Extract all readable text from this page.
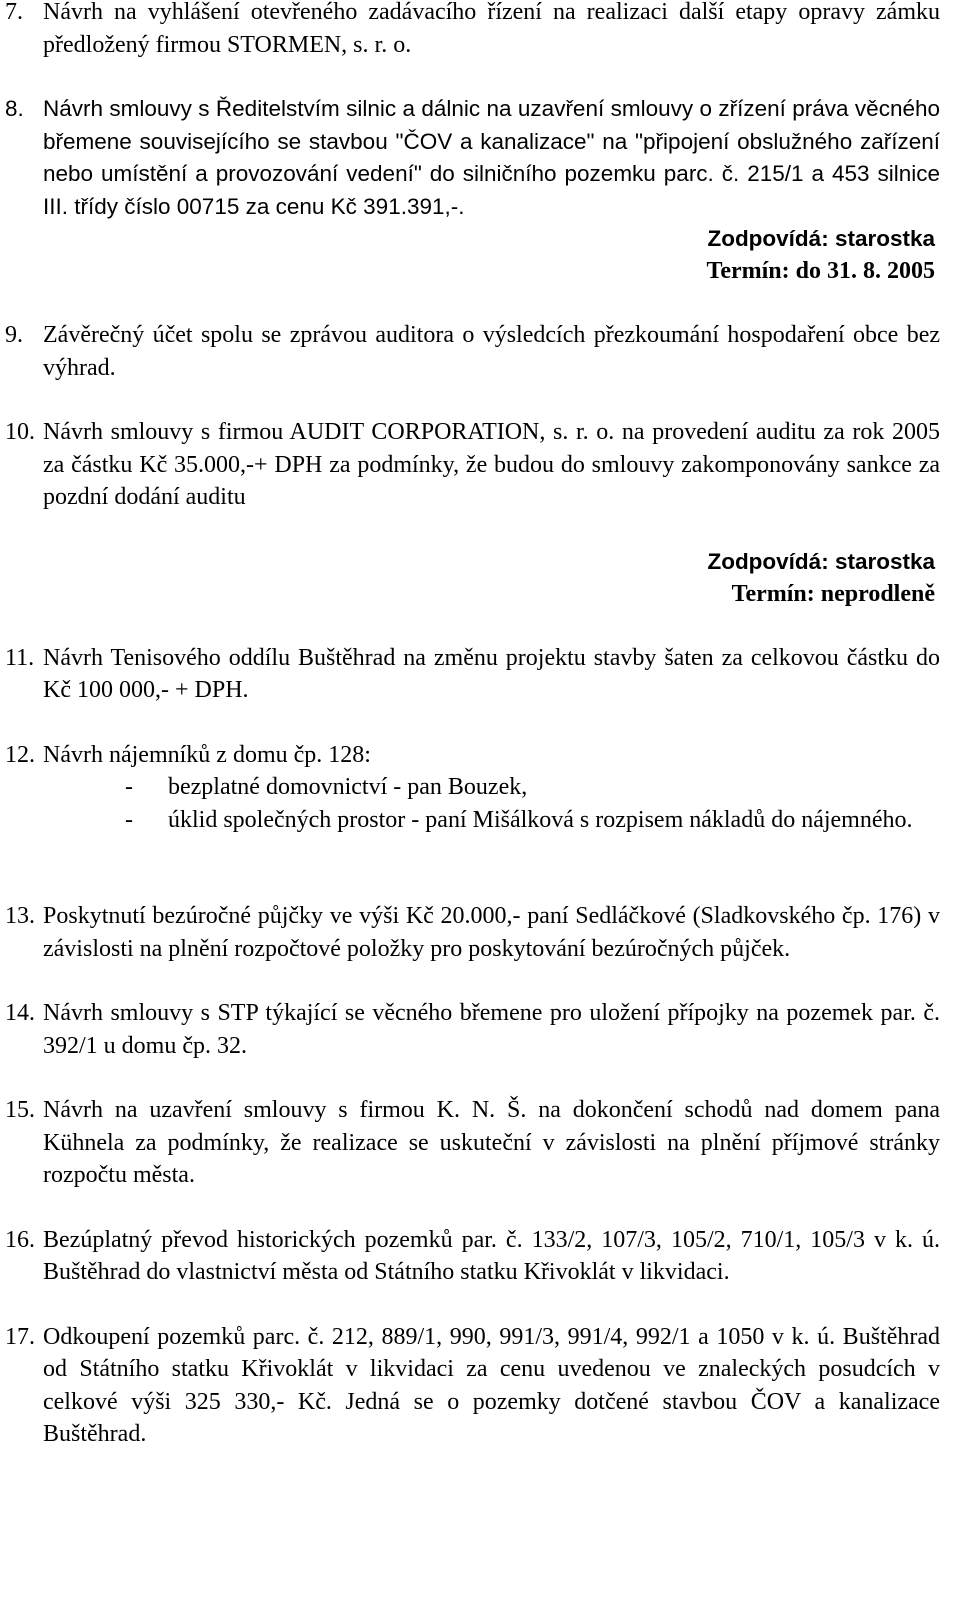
7. Návrh na vyhlášení otevřeného zadávacího řízení na realizaci další etapy opravy zámku předložený firmou STORMEN, s. r. o.

8. Návrh smlouvy s Ředitelstvím silnic a dálnic na uzavření smlouvy o zřízení práva věcného břemene souvisejícího se stavbou "ČOV a kanalizace" na "připojení obslužného zařízení nebo umístění a provozování vedení" do silničního pozemku parc. č. 215/1 a 453 silnice III. třídy číslo 00715 za cenu Kč 391.391,-.

Zodpovídá: starostka
Termín: do 31. 8. 2005
9. Závěrečný účet spolu se zprávou auditora o výsledcích přezkoumání hospodaření obce bez výhrad.

10. Návrh smlouvy s firmou AUDIT CORPORATION, s. r. o. na provedení auditu za rok 2005 za částku Kč 35.000,-+ DPH za podmínky, že budou do smlouvy zakomponovány sankce za pozdní dodání auditu

Zodpovídá: starostka
Termín: neprodleně
11. Návrh Tenisového oddílu Buštěhrad na změnu projektu stavby šaten za celkovou částku do Kč 100 000,- + DPH.

12. Návrh nájemníků z domu čp. 128:

- bezplatné domovnictví - pan Bouzek,

- úklid společných prostor - paní Mišálková s rozpisem nákladů do nájemného.

13. Poskytnutí bezúročné půjčky ve výši Kč 20.000,- paní Sedláčkové (Sladkovského čp. 176) v závislosti na plnění rozpočtové položky pro poskytování bezúročných půjček.

14. Návrh smlouvy s STP týkající se věcného břemene pro uložení přípojky na pozemek par. č. 392/1 u domu čp. 32.

15. Návrh na uzavření smlouvy s firmou K. N. Š. na dokončení schodů nad domem pana Kühnela za podmínky, že realizace se uskuteční v závislosti na plnění příjmové stránky rozpočtu města.

16. Bezúplatný převod historických pozemků par. č. 133/2, 107/3, 105/2, 710/1, 105/3 v k. ú. Buštěhrad do vlastnictví města od Státního statku Křivoklát v likvidaci.

17. Odkoupení pozemků parc. č. 212, 889/1, 990, 991/3, 991/4, 992/1 a 1050 v k. ú. Buštěhrad od Státního statku Křivoklát v likvidaci za cenu uvedenou ve znaleckých posudcích v celkové výši 325 330,- Kč. Jedná se o pozemky dotčené stavbou ČOV a kanalizace Buštěhrad.
